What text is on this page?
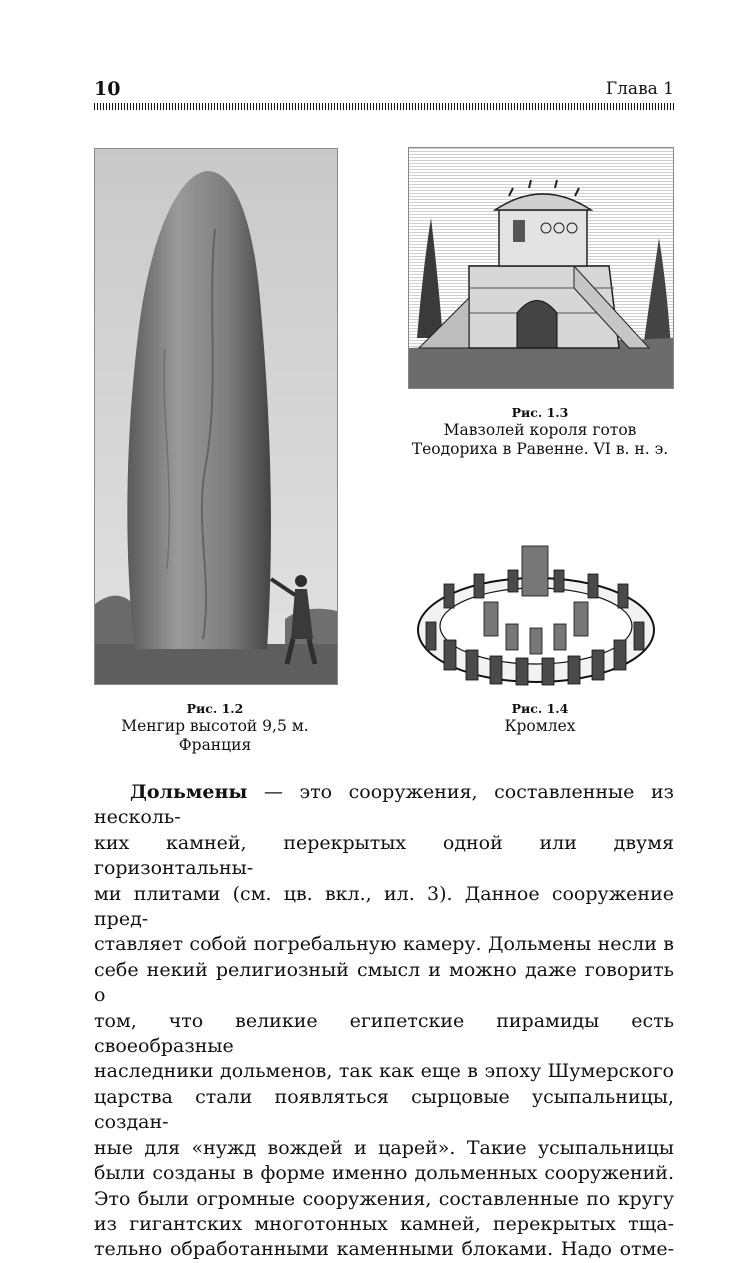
10	Глава 1
Рис. 1.2
Менгир высотой 9,5 м.
Франция
Рис. 1.3
Мавзолей короля готов
Теодориха в Равенне. VI в. н. э.
Рис. 1.4
Кромлех

Дольмены — это сооружения, составленные из несколь-

ких камней, перекрытых одной или двумя горизонтальны-

ми плитами (см. цв. вкл., ил. 3). Данное сооружение пред-

ставляет собой погребальную камеру. Дольмены несли в

себе некий религиозный смысл и можно даже говорить о

том, что великие египетские пирамиды есть своеобразные

наследники дольменов, так как еще в эпоху Шумерского

царства стали появляться сырцовые усыпальницы, создан-

ные для «нужд вождей и царей». Такие усыпальницы

были созданы в форме именно дольменных сооружений.

Это были огромные сооружения, составленные по кругу

из гигантских многотонных камней, перекрытых тща-

тельно обработанными каменными блоками. Надо отме-
